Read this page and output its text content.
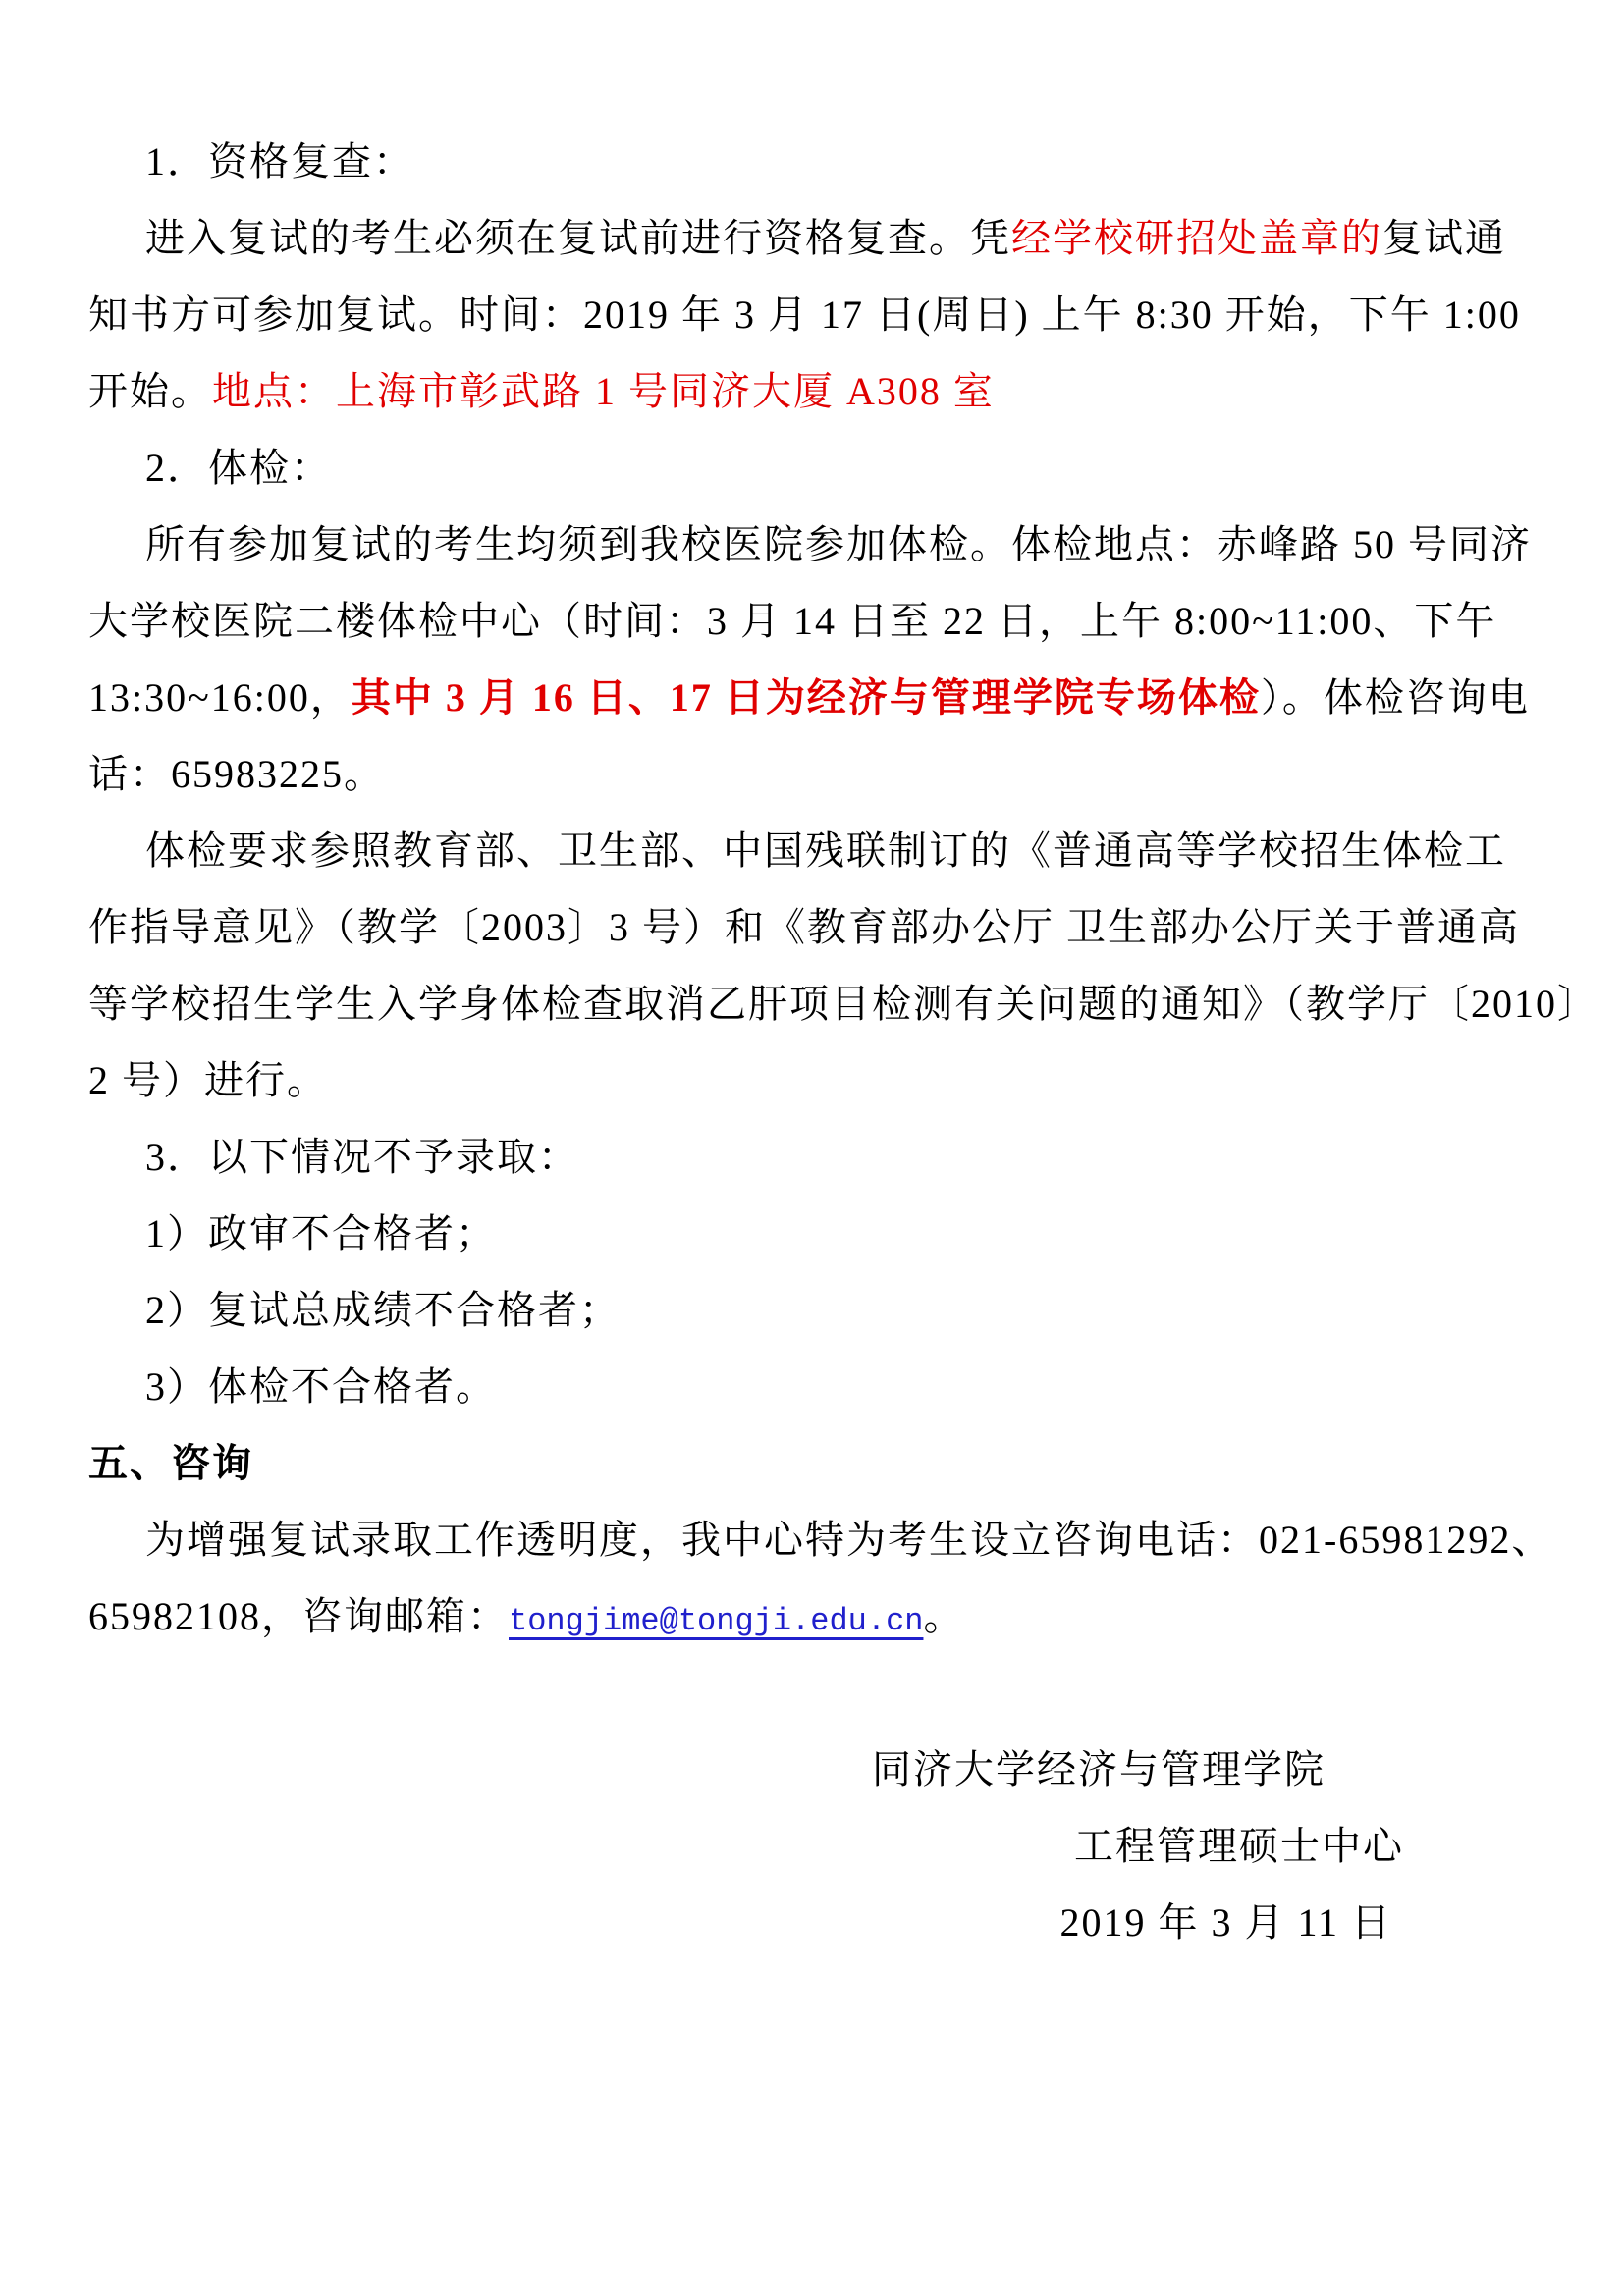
1．资格复查：
进入复试的考生必须在复试前进行资格复查。凭经学校研招处盖章的复试通
知书方可参加复试。时间：2019 年 3 月 17 日(周日) 上午 8:30 开始，下午 1:00
开始。地点：上海市彰武路 1 号同济大厦 A308 室
2．体检：
所有参加复试的考生均须到我校医院参加体检。体检地点：赤峰路 50 号同济
大学校医院二楼体检中心（时间：3 月 14 日至 22 日，上午 8:00~11:00、下午
13:30~16:00，其中 3 月 16 日、17 日为经济与管理学院专场体检）。体检咨询电
话：65983225。
体检要求参照教育部、卫生部、中国残联制订的《普通高等学校招生体检工
作指导意见》（教学〔2003〕3 号）和《教育部办公厅 卫生部办公厅关于普通高
等学校招生学生入学身体检查取消乙肝项目检测有关问题的通知》（教学厅〔2010〕
2 号）进行。
3．以下情况不予录取：
1）政审不合格者；
2）复试总成绩不合格者；
3）体检不合格者。
五、咨询
为增强复试录取工作透明度，我中心特为考生设立咨询电话：021-65981292、
65982108，咨询邮箱：tongjime@tongji.edu.cn。
同济大学经济与管理学院
工程管理硕士中心
2019 年 3 月 11 日
